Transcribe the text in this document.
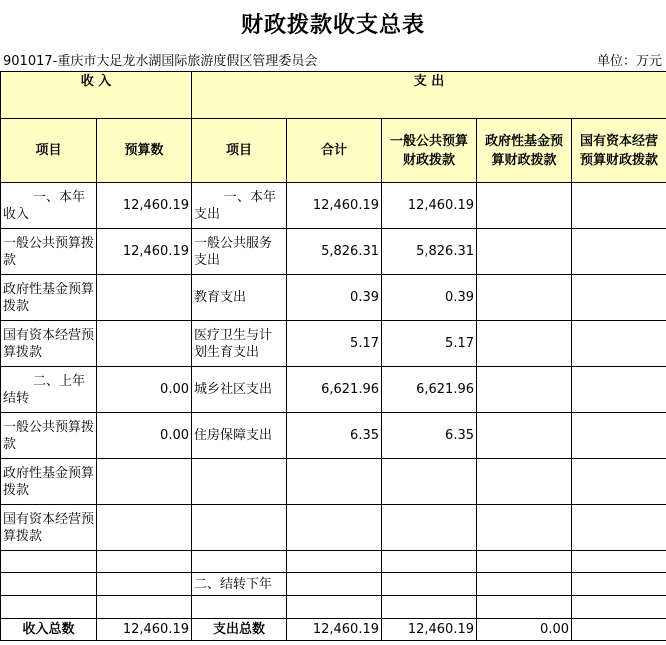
财政拨款收支总表
901017-重庆市大足龙水湖国际旅游度假区管理委员会	单位：万元
收 入		支 出				
项目	预算数	项目	合计	一般公共预算财政拨款	政府性基金预算财政拨款	国有资本经营预算财政拨款
一、本年收入	12,460.19	一、本年支出	12,460.19	12,460.19		
一般公共预算拨款	12,460.19	一般公共服务支出	5,826.31	5,826.31		
政府性基金预算拨款		教育支出	0.39	0.39		
国有资本经营预算拨款		医疗卫生与计划生育支出	5.17	5.17		
二、上年结转	0.00	城乡社区支出	6,621.96	6,621.96		
一般公共预算拨款	0.00	住房保障支出	6.35	6.35		
政府性基金预算拨款						
国有资本经营预算拨款						

		二、结转下年				

收入总数	12,460.19	支出总数	12,460.19	12,460.19	0.00	
